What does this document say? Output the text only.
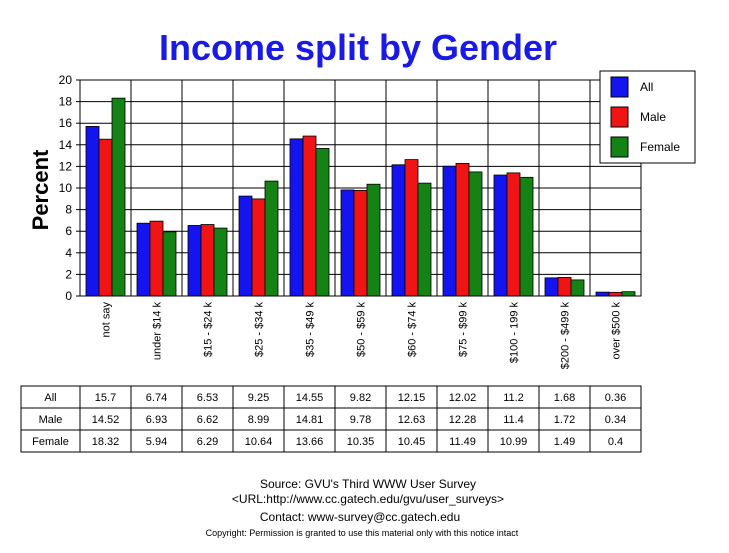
Income split by Gender
Percent
0
2
4
6
8
10
12
14
16
18
20
not say	under $14 k	$15 - $24 k	$25 - $34 k	$35 - $49 k	$50 - $59 k	$60 - $74 k	$75 - $99 k	$100 - 199 k	$200 - $499 k	over $500 k
All
Male
Female
All	15.7	6.74	6.53	9.25 14.55 9.82 12.15 12.02 11.2	1.68	0.36
Male	14.52 6.93	6.62	8.99 14.81 9.78 12.63 12.28 11.4	1.72	0.34
Female 18.32 5.94	6.29 10.64 13.66 10.35 10.45 11.49 10.99 1.49	0.4
Source: GVU's Third WWW User Survey
<URL:http://www.cc.gatech.edu/gvu/user_surveys>
Contact: www-survey@cc.gatech.edu
Copyright: Permission is granted to use this material only with this notice intact
